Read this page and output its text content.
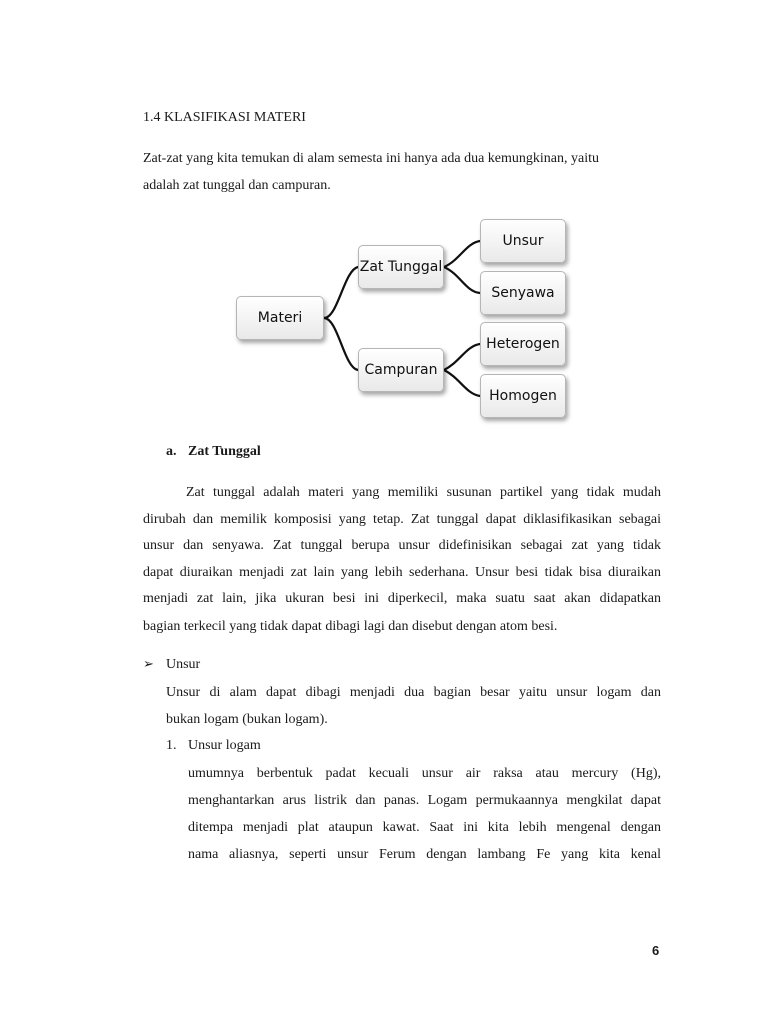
1.4 KLASIFIKASI MATERI
Zat-zat yang kita temukan di alam semesta ini hanya ada dua kemungkinan, yaitu
adalah zat tunggal dan campuran.
Materi
Zat Tunggal
Campuran
Unsur
Senyawa
Heterogen
Homogen
a. Zat Tunggal
Zat tunggal adalah materi yang memiliki susunan partikel yang tidak mudah
dirubah dan memilik komposisi yang tetap. Zat tunggal dapat diklasifikasikan sebagai
unsur dan senyawa. Zat tunggal berupa unsur didefinisikan sebagai zat yang tidak
dapat diuraikan menjadi zat lain yang lebih sederhana. Unsur besi tidak bisa diuraikan
menjadi zat lain, jika ukuran besi ini diperkecil, maka suatu saat akan didapatkan
bagian terkecil yang tidak dapat dibagi lagi dan disebut dengan atom besi.
➢ Unsur
Unsur di alam dapat dibagi menjadi dua bagian besar yaitu unsur logam dan
bukan logam (bukan logam).
1. Unsur logam
umumnya berbentuk padat kecuali unsur air raksa atau mercury (Hg),
menghantarkan arus listrik dan panas. Logam permukaannya mengkilat dapat
ditempa menjadi plat ataupun kawat. Saat ini kita lebih mengenal dengan
nama aliasnya, seperti unsur Ferum dengan lambang Fe yang kita kenal
6
